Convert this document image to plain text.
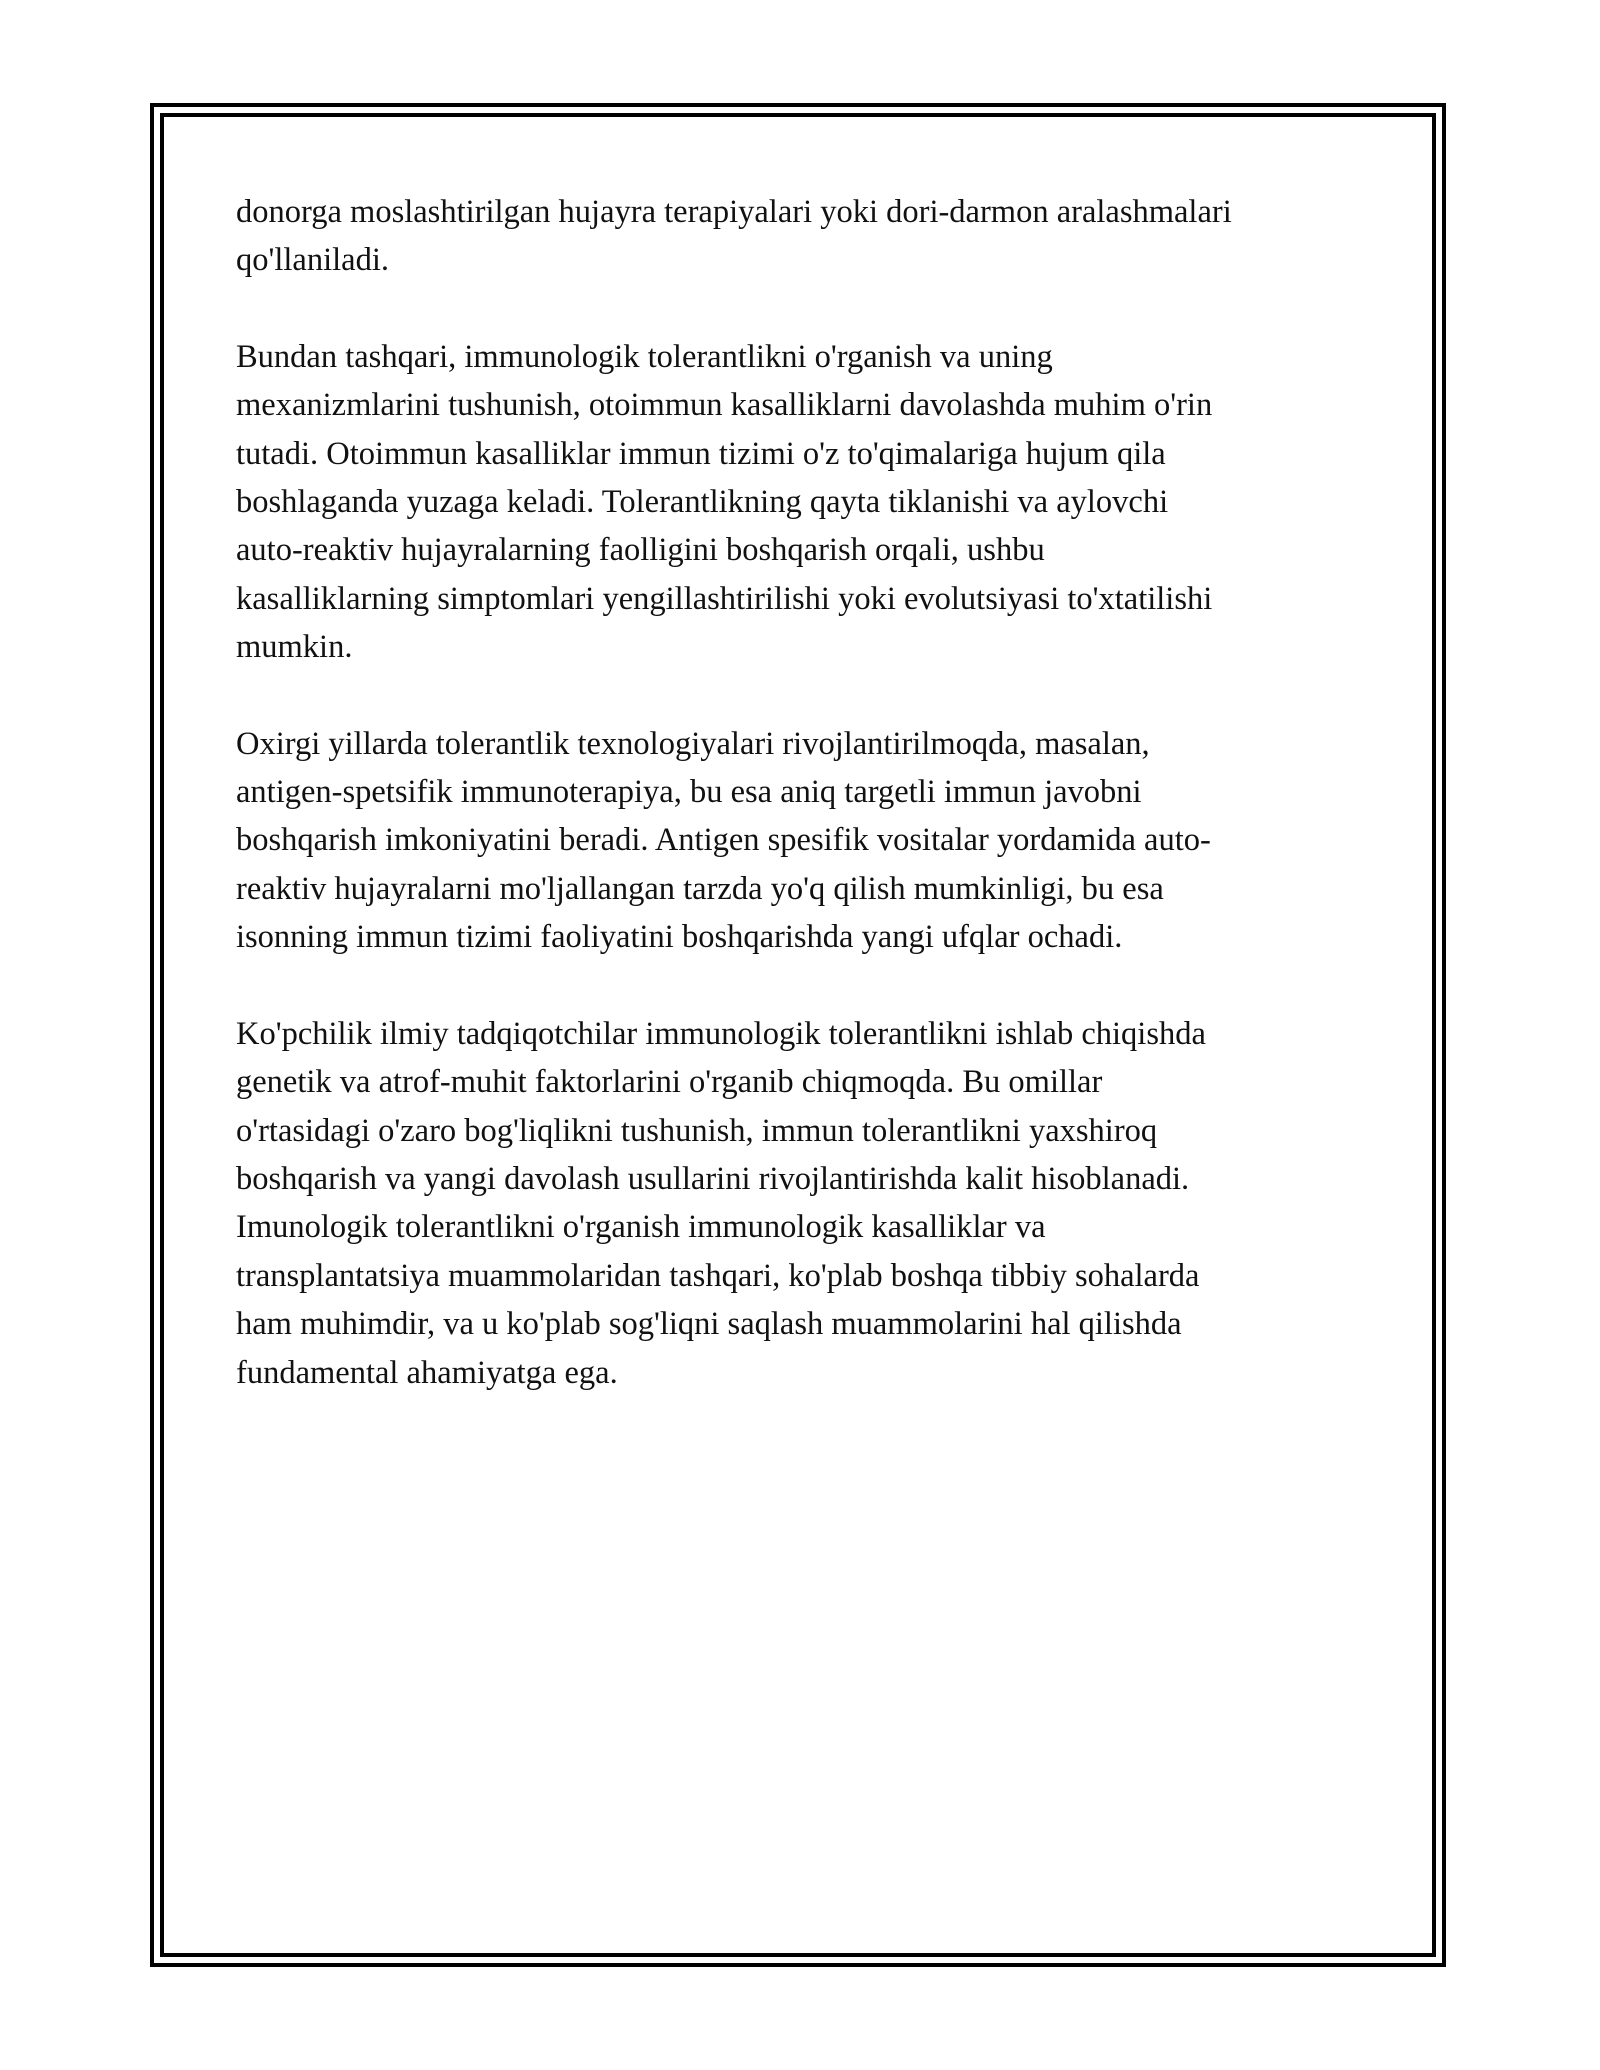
donorga moslashtirilgan hujayra terapiyalari yoki dori-darmon aralashmalari
qo'llaniladi.

Bundan tashqari, immunologik tolerantlikni o'rganish va uning
mexanizmlarini tushunish, otoimmun kasalliklarni davolashda muhim o'rin
tutadi. Otoimmun kasalliklar immun tizimi o'z to'qimalariga hujum qila
boshlaganda yuzaga keladi. Tolerantlikning qayta tiklanishi va aylovchi
auto-reaktiv hujayralarning faolligini boshqarish orqali, ushbu
kasalliklarning simptomlari yengillashtirilishi yoki evolutsiyasi to'xtatilishi
mumkin.

Oxirgi yillarda tolerantlik texnologiyalari rivojlantirilmoqda, masalan,
antigen-spetsifik immunoterapiya, bu esa aniq targetli immun javobni
boshqarish imkoniyatini beradi. Antigen spesifik vositalar yordamida auto-
reaktiv hujayralarni mo'ljallangan tarzda yo'q qilish mumkinligi, bu esa
isonning immun tizimi faoliyatini boshqarishda yangi ufqlar ochadi.

Ko'pchilik ilmiy tadqiqotchilar immunologik tolerantlikni ishlab chiqishda
genetik va atrof-muhit faktorlarini o'rganib chiqmoqda. Bu omillar
o'rtasidagi o'zaro bog'liqlikni tushunish, immun tolerantlikni yaxshiroq
boshqarish va yangi davolash usullarini rivojlantirishda kalit hisoblanadi.
Imunologik tolerantlikni o'rganish immunologik kasalliklar va
transplantatsiya muammolaridan tashqari, ko'plab boshqa tibbiy sohalarda
ham muhimdir, va u ko'plab sog'liqni saqlash muammolarini hal qilishda
fundamental ahamiyatga ega.
